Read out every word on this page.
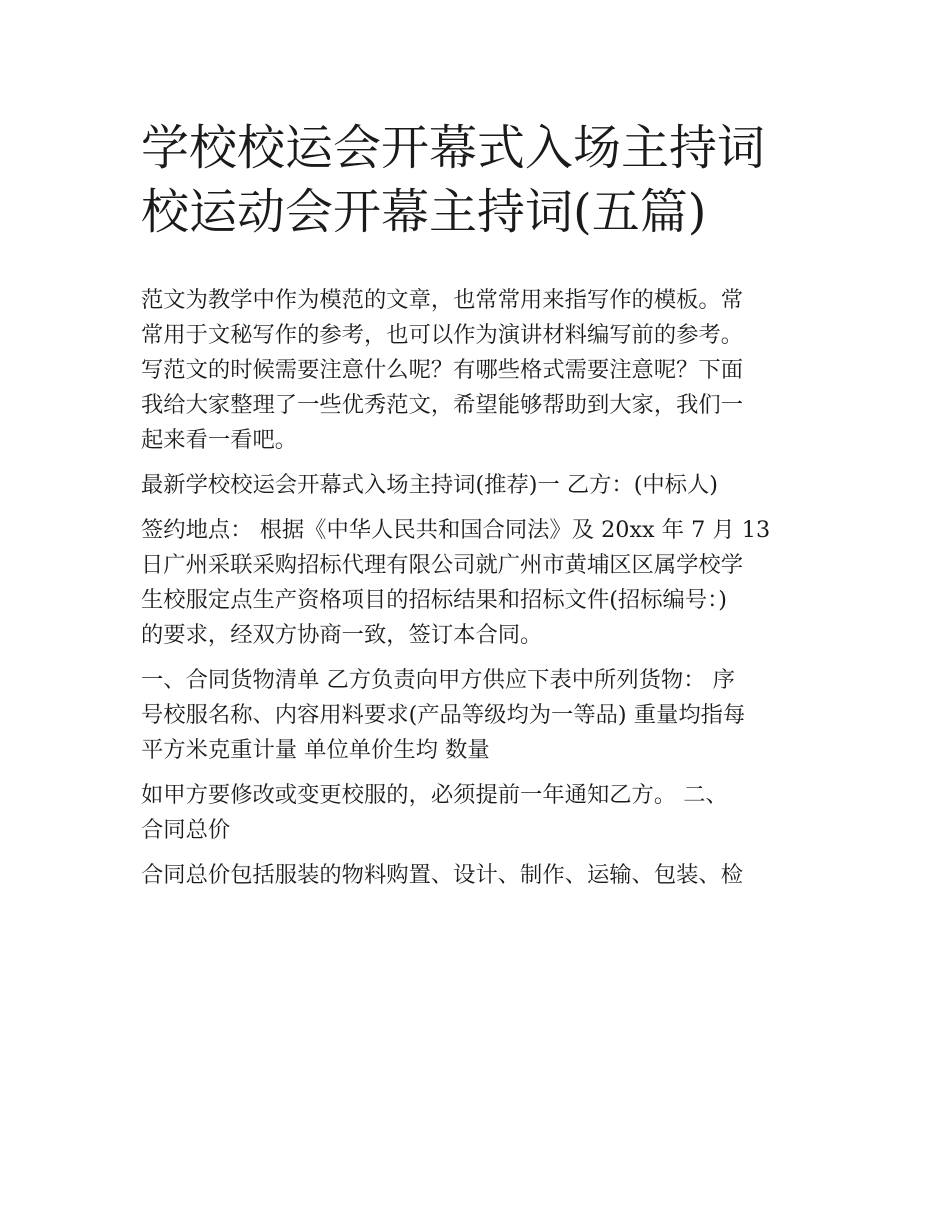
学校校运会开幕式入场主持词
校运动会开幕主持词(五篇)
范文为教学中作为模范的文章，也常常用来指写作的模板。常
常用于文秘写作的参考，也可以作为演讲材料编写前的参考。
写范文的时候需要注意什么呢？有哪些格式需要注意呢？下面
我给大家整理了一些优秀范文，希望能够帮助到大家，我们一
起来看一看吧。
最新学校校运会开幕式入场主持词(推荐)一 乙方：(中标人)
签约地点： 根据《中华人民共和国合同法》及 20xx 年 7 月 13
日广州采联采购招标代理有限公司就广州市黄埔区区属学校学
生校服定点生产资格项目的招标结果和招标文件(招标编号：)
的要求，经双方协商一致，签订本合同。
一、合同货物清单 乙方负责向甲方供应下表中所列货物： 序
号校服名称、内容用料要求(产品等级均为一等品) 重量均指每
平方米克重计量 单位单价生均 数量
如甲方要修改或变更校服的，必须提前一年通知乙方。 二、
合同总价
合同总价包括服装的物料购置、设计、制作、运输、包装、检
